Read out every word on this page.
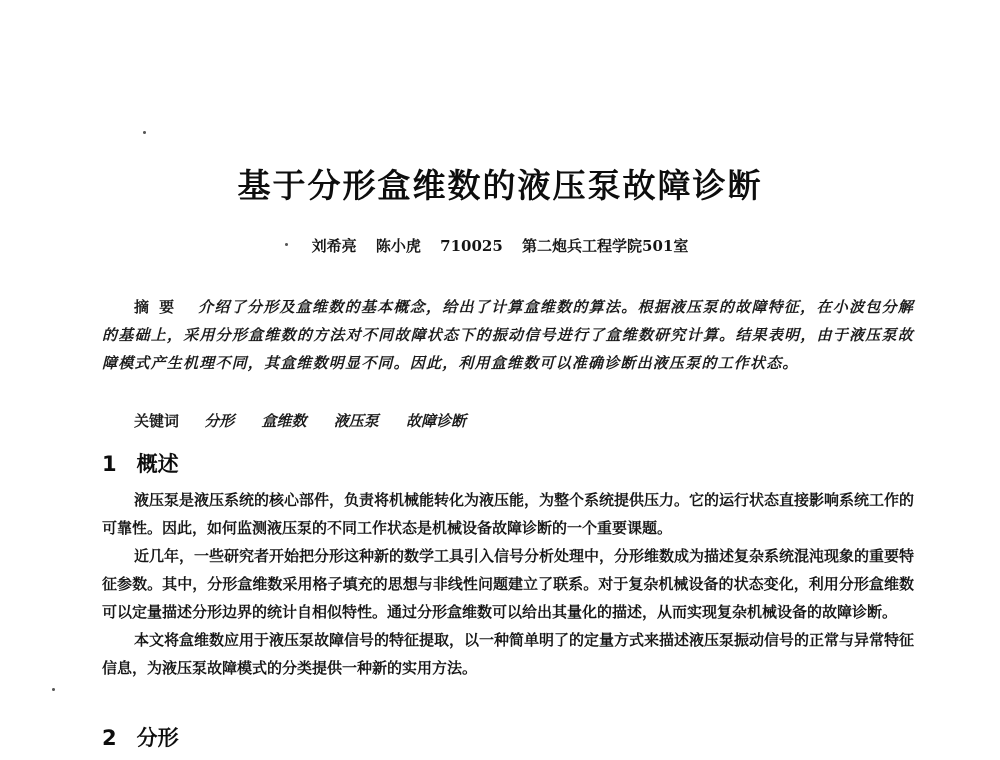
基于分形盒维数的液压泵故障诊断
刘希亮 陈小虎 710025 第二炮兵工程学院501室
摘要 介绍了分形及盒维数的基本概念，给出了计算盒维数的算法。根据液压泵的故障特征，在小波包分解的基础上，采用分形盒维数的方法对不同故障状态下的振动信号进行了盒维数研究计算。结果表明，由于液压泵故障模式产生机理不同，其盒维数明显不同。因此，利用盒维数可以准确诊断出液压泵的工作状态。
关键词 分形 盒维数 液压泵 故障诊断
1 概述

液压泵是液压系统的核心部件，负责将机械能转化为液压能，为整个系统提供压力。它的运行状态直接影响系统工作的可靠性。因此，如何监测液压泵的不同工作状态是机械设备故障诊断的一个重要课题。

近几年，一些研究者开始把分形这种新的数学工具引入信号分析处理中，分形维数成为描述复杂系统混沌现象的重要特征参数。其中，分形盒维数采用格子填充的思想与非线性问题建立了联系。对于复杂机械设备的状态变化，利用分形盒维数可以定量描述分形边界的统计自相似特性。通过分形盒维数可以给出其量化的描述，从而实现复杂机械设备的故障诊断。

本文将盒维数应用于液压泵故障信号的特征提取，以一种简单明了的定量方式来描述液压泵振动信号的正常与异常特征信息，为液压泵故障模式的分类提供一种新的实用方法。

2 分形
